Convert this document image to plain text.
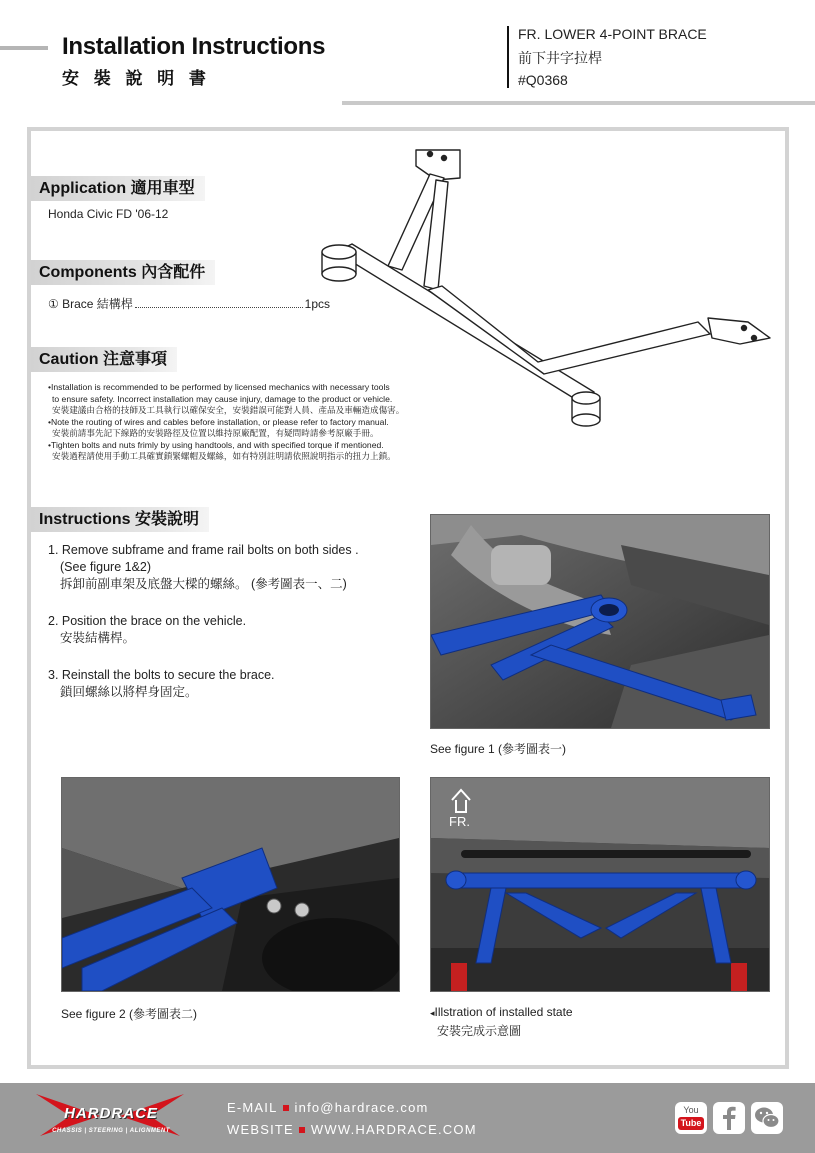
Installation Instructions
安 裝 說 明 書
FR. LOWER 4-POINT BRACE
前下井字拉桿
#Q0368
Application 適用車型
Honda Civic FD '06-12
Components 內含配件
① Brace 結構桿	1pcs
Caution 注意事項
•Installation is recommended to be performed by licensed mechanics with necessary tools
to ensure safety. Incorrect installation may cause injury, damage to the product or vehicle.
安裝建議由合格的技師及工具執行以確保安全，安裝錯誤可能對人員、產品及車輛造成傷害。
•Note the routing of wires and cables before installation, or please refer to factory manual.
安裝前請事先記下線路的安裝路徑及位置以維持原廠配置，有疑問時請參考原廠手冊。
•Tighten bolts and nuts frimly by using handtools, and with specified torque if mentioned.
安裝過程請使用手動工具確實鎖緊螺帽及螺絲，如有特別註明請依照說明指示的扭力上鎖。
Instructions 安裝說明
1. Remove subframe and frame rail bolts on both sides .
(See figure 1&2)
拆卸前副車架及底盤大樑的螺絲。 (參考圖表一、二)
2. Position the brace on the vehicle.
安裝結構桿。
3. Reinstall the bolts to secure the brace.
鎖回螺絲以將桿身固定。
See figure 1 (參考圖表一)
See figure 2 (參考圖表二)
FR.
◂Illstration of installed state
安裝完成示意圖
HARDRACE
CHASSIS | STEERING | ALIGNMENT
E-MAIL info@hardrace.com
WEBSITE WWW.HARDRACE.COM
You
Tube
